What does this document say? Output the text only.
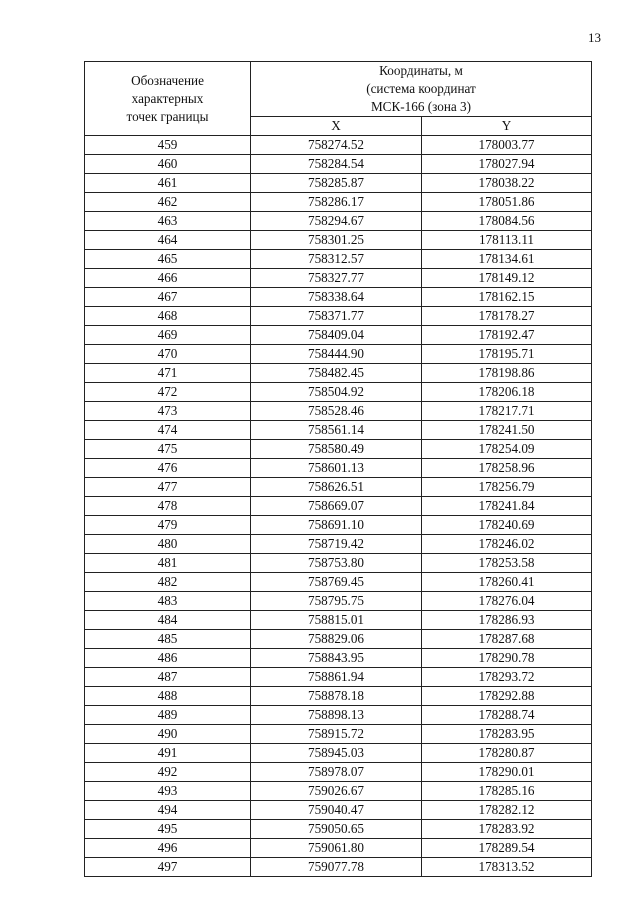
13
Обозначение
характерных
точек границы	Координаты, м
(система координат
МСК-166 (зона 3)	

	X	Y
459	758274.52	178003.77
460	758284.54	178027.94
461	758285.87	178038.22
462	758286.17	178051.86
463	758294.67	178084.56
464	758301.25	178113.11
465	758312.57	178134.61
466	758327.77	178149.12
467	758338.64	178162.15
468	758371.77	178178.27
469	758409.04	178192.47
470	758444.90	178195.71
471	758482.45	178198.86
472	758504.92	178206.18
473	758528.46	178217.71
474	758561.14	178241.50
475	758580.49	178254.09
476	758601.13	178258.96
477	758626.51	178256.79
478	758669.07	178241.84
479	758691.10	178240.69
480	758719.42	178246.02
481	758753.80	178253.58
482	758769.45	178260.41
483	758795.75	178276.04
484	758815.01	178286.93
485	758829.06	178287.68
486	758843.95	178290.78
487	758861.94	178293.72
488	758878.18	178292.88
489	758898.13	178288.74
490	758915.72	178283.95
491	758945.03	178280.87
492	758978.07	178290.01
493	759026.67	178285.16
494	759040.47	178282.12
495	759050.65	178283.92
496	759061.80	178289.54
497	759077.78	178313.52
